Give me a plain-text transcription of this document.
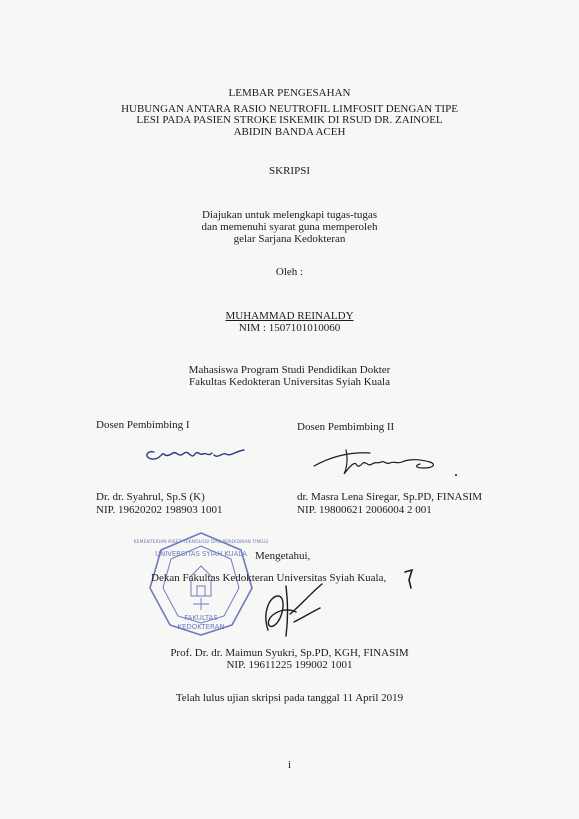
LEMBAR PENGESAHAN
HUBUNGAN ANTARA RASIO NEUTROFIL LIMFOSIT DENGAN TIPE
LESI PADA PASIEN STROKE ISKEMIK DI RSUD DR. ZAINOEL
ABIDIN BANDA ACEH
SKRIPSI
Diajukan untuk melengkapi tugas-tugas
dan memenuhi syarat guna memperoleh
gelar Sarjana Kedokteran
Oleh :
MUHAMMAD REINALDY
NIM : 1507101010060
Mahasiswa Program Studi Pendidikan Dokter
Fakultas Kedokteran Universitas Syiah Kuala
Dosen Pembimbing I	Dosen Pembimbing II
Dr. dr. Syahrul, Sp.S (K)
NIP. 19620202 198903 1001
dr. Masra Lena Siregar, Sp.PD, FINASIM
NIP. 19800621 2006004 2 001
KEMENTERIAN RISET TEKNOLOGI DAN PENDIDIKAN TINGGI
UNIVERSITAS SYIAH KUALA
FAKULTAS
KEDOKTERAN
Mengetahui,
Dekan Fakultas Kedokteran Universitas Syiah Kuala,
Prof. Dr. dr. Maimun Syukri, Sp.PD, KGH, FINASIM
NIP. 19611225 199002 1001
Telah lulus ujian skripsi pada tanggal 11 April 2019
i
